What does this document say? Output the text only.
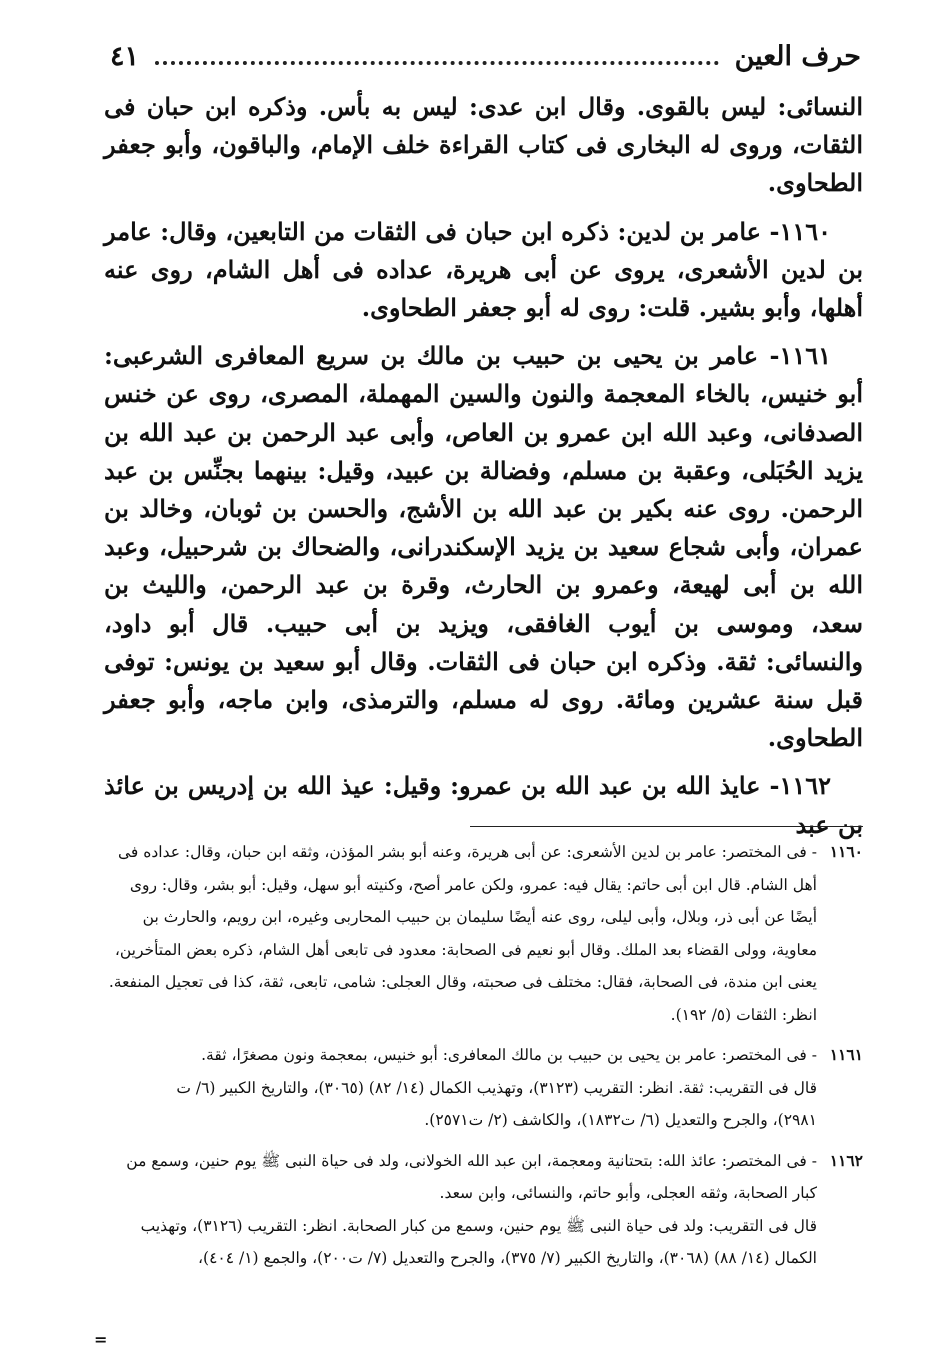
حرف العين
٤١

النسائى: ليس بالقوى. وقال ابن عدى: ليس به بأس. وذكره ابن حبان فى الثقات، وروى له البخارى فى كتاب القراءة خلف الإمام، والباقون، وأبو جعفر الطحاوى.

١١٦٠- عامر بن لدين: ذكره ابن حبان فى الثقات من التابعين، وقال: عامر بن لدين الأشعرى، يروى عن أبى هريرة، عداده فى أهل الشام، روى عنه أهلها، وأبو بشير. قلت: روى له أبو جعفر الطحاوى.

١١٦١- عامر بن يحيى بن حبيب بن مالك بن سريع المعافرى الشرعبى: أبو خنيس، بالخاء المعجمة والنون والسين المهملة، المصرى، روى عن خنس الصدفانى، وعبد الله ابن عمرو بن العاص، وأبى عبد الرحمن بن عبد الله بن يزيد الحُبَلى، وعقبة بن مسلم، وفضالة بن عبيد، وقيل: بينهما بجنِّس بن عبد الرحمن. روى عنه بكير بن عبد الله بن الأشج، والحسن بن ثوبان، وخالد بن عمران، وأبى شجاع سعيد بن يزيد الإسكندرانى، والضحاك بن شرحبيل، وعبد الله بن أبى لهيعة، وعمرو بن الحارث، وقرة بن عبد الرحمن، والليث بن سعد، وموسى بن أيوب الغافقى، ويزيد بن أبى حبيب. قال أبو داود، والنسائى: ثقة. وذكره ابن حبان فى الثقات. وقال أبو سعيد بن يونس: توفى قبل سنة عشرين ومائة. روى له مسلم، والترمذى، وابن ماجه، وأبو جعفر الطحاوى.

١١٦٢- عايذ الله بن عبد الله بن عمرو: وقيل: عيذ الله بن إدريس بن عائذ بن عبد

١١٦٠
- فى المختصر: عامر بن لدين الأشعرى: عن أبى هريرة، وعنه أبو بشر المؤذن، وثقه ابن حبان، وقال: عداده فى
أهل الشام. قال ابن أبى حاتم: يقال فيه: عمرو، ولكن عامر أصح، وكنيته أبو سهل، وقيل: أبو بشر، وقال: روى
أيضًا عن أبى ذر، وبلال، وأبى ليلى، روى عنه أيضًا سليمان بن حبيب المحاربى وغيره، ابن رويم، والحارث بن
معاوية، وولى القضاء بعد الملك. وقال أبو نعيم فى الصحابة: معدود فى تابعى أهل الشام، ذكره بعض المتأخرين،
يعنى ابن مندة، فى الصحابة، فقال: مختلف فى صحبته، وقال العجلى: شامى، تابعى، ثقة، كذا فى تعجيل المنفعة.
انظر: الثقات (٥/ ١٩٢).
١١٦١
- فى المختصر: عامر بن يحيى بن حبيب بن مالك المعافرى: أبو خنيس، بمعجمة ونون مصغرًا، ثقة.
قال فى التقريب: ثقة. انظر: التقريب (٣١٢٣)، وتهذيب الكمال (١٤/ ٨٢) (٣٠٦٥)، والتاريخ الكبير (٦/ ت
٢٩٨١)، والجرح والتعديل (٦/ ت١٨٣٢)، والكاشف (٢/ ت٢٥٧١).
١١٦٢
- فى المختصر: عائذ الله: بتحتانية ومعجمة، ابن عبد الله الخولانى، ولد فى حياة النبى ﷺ يوم حنين، وسمع من
كبار الصحابة، وثقه العجلى، وأبو حاتم، والنسائى، وابن سعد.
قال فى التقريب: ولد فى حياة النبى ﷺ يوم حنين، وسمع من كبار الصحابة. انظر: التقريب (٣١٢٦)، وتهذيب
الكمال (١٤/ ٨٨) (٣٠٦٨)، والتاريخ الكبير (٧/ ٣٧٥)، والجرح والتعديل (٧/ ت٢٠٠)، والجمع (١/ ٤٠٤)،
=
